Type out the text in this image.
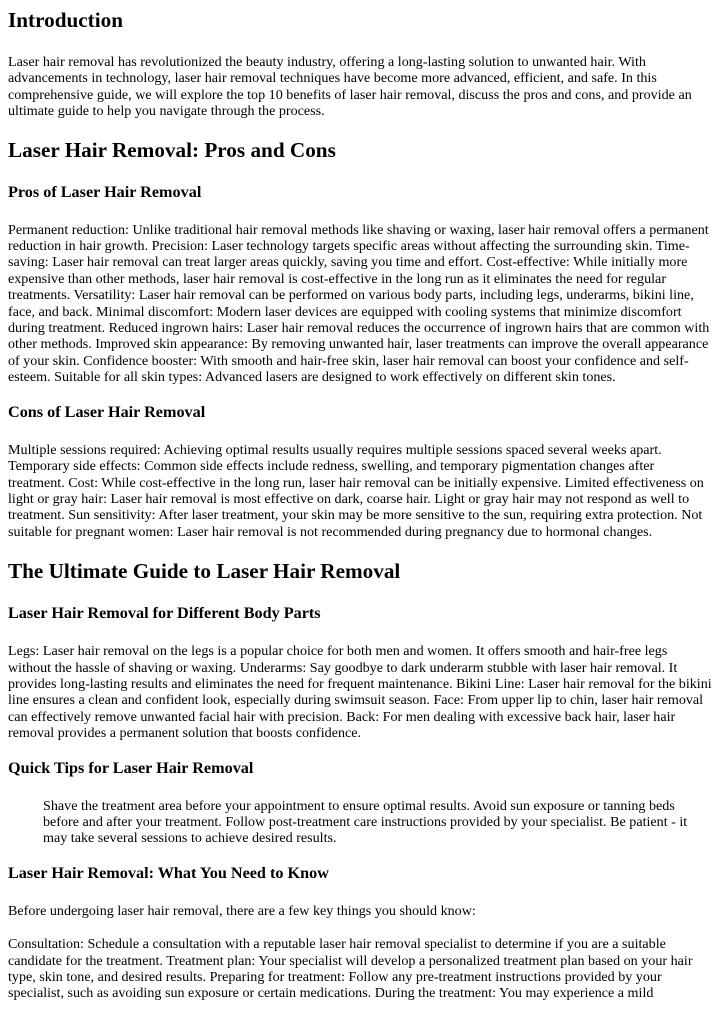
Introduction

Laser hair removal has revolutionized the beauty industry, offering a long-lasting solution to unwanted hair. With advancements in technology, laser hair removal techniques have become more advanced, efficient, and safe. In this comprehensive guide, we will explore the top 10 benefits of laser hair removal, discuss the pros and cons, and provide an ultimate guide to help you navigate through the process.

Laser Hair Removal: Pros and Cons
Pros of Laser Hair Removal

Permanent reduction: Unlike traditional hair removal methods like shaving or waxing, laser hair removal offers a permanent reduction in hair growth. Precision: Laser technology targets specific areas without affecting the surrounding skin. Time-saving: Laser hair removal can treat larger areas quickly, saving you time and effort. Cost-effective: While initially more expensive than other methods, laser hair removal is cost-effective in the long run as it eliminates the need for regular treatments. Versatility: Laser hair removal can be performed on various body parts, including legs, underarms, bikini line, face, and back. Minimal discomfort: Modern laser devices are equipped with cooling systems that minimize discomfort during treatment. Reduced ingrown hairs: Laser hair removal reduces the occurrence of ingrown hairs that are common with other methods. Improved skin appearance: By removing unwanted hair, laser treatments can improve the overall appearance of your skin. Confidence booster: With smooth and hair-free skin, laser hair removal can boost your confidence and self-esteem. Suitable for all skin types: Advanced lasers are designed to work effectively on different skin tones.

Cons of Laser Hair Removal

Multiple sessions required: Achieving optimal results usually requires multiple sessions spaced several weeks apart. Temporary side effects: Common side effects include redness, swelling, and temporary pigmentation changes after treatment. Cost: While cost-effective in the long run, laser hair removal can be initially expensive. Limited effectiveness on light or gray hair: Laser hair removal is most effective on dark, coarse hair. Light or gray hair may not respond as well to treatment. Sun sensitivity: After laser treatment, your skin may be more sensitive to the sun, requiring extra protection. Not suitable for pregnant women: Laser hair removal is not recommended during pregnancy due to hormonal changes.

The Ultimate Guide to Laser Hair Removal
Laser Hair Removal for Different Body Parts

Legs: Laser hair removal on the legs is a popular choice for both men and women. It offers smooth and hair-free legs without the hassle of shaving or waxing. Underarms: Say goodbye to dark underarm stubble with laser hair removal. It provides long-lasting results and eliminates the need for frequent maintenance. Bikini Line: Laser hair removal for the bikini line ensures a clean and confident look, especially during swimsuit season. Face: From upper lip to chin, laser hair removal can effectively remove unwanted facial hair with precision. Back: For men dealing with excessive back hair, laser hair removal provides a permanent solution that boosts confidence.

Quick Tips for Laser Hair Removal
Shave the treatment area before your appointment to ensure optimal results. Avoid sun exposure or tanning beds before and after your treatment. Follow post-treatment care instructions provided by your specialist. Be patient - it may take several sessions to achieve desired results.
Laser Hair Removal: What You Need to Know

Before undergoing laser hair removal, there are a few key things you should know:

Consultation: Schedule a consultation with a reputable laser hair removal specialist to determine if you are a suitable candidate for the treatment. Treatment plan: Your specialist will develop a personalized treatment plan based on your hair type, skin tone, and desired results. Preparing for treatment: Follow any pre-treatment instructions provided by your specialist, such as avoiding sun exposure or certain medications. During the treatment: You may experience a mild
